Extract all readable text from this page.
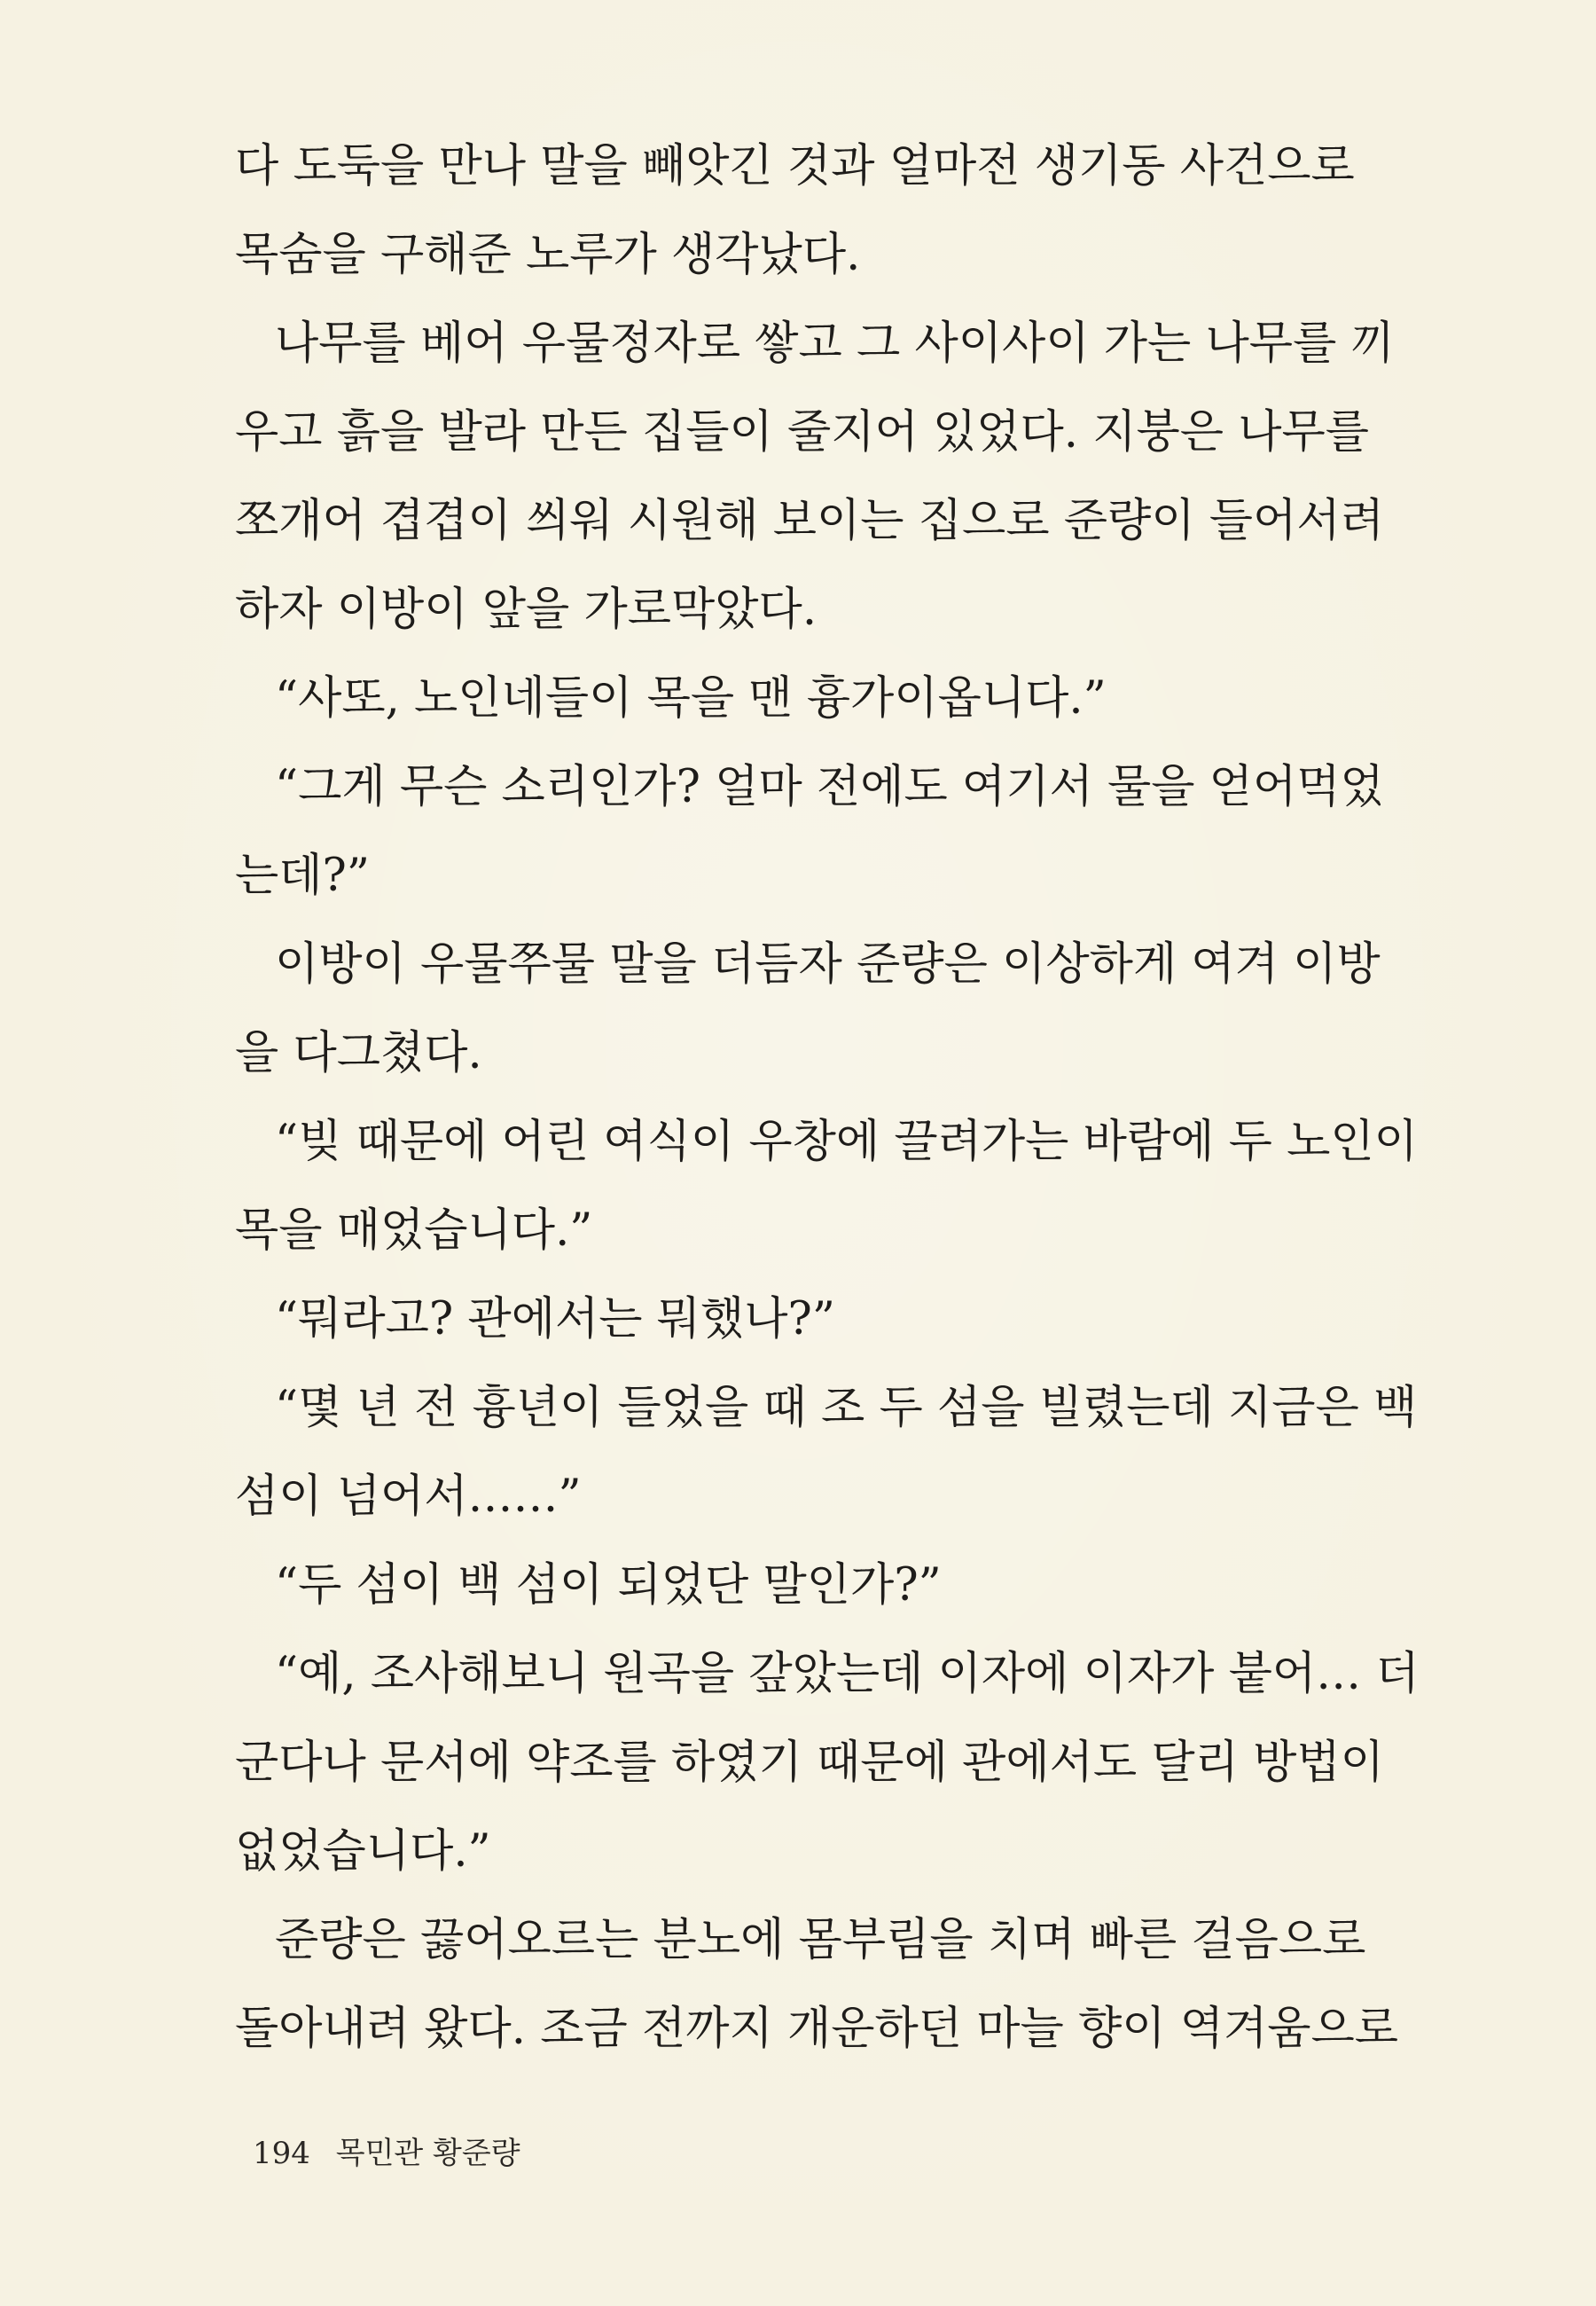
다 도둑을 만나 말을 빼앗긴 것과 얼마전 생기동 사건으로
목숨을 구해준 노루가 생각났다.
나무를 베어 우물정자로 쌓고 그 사이사이 가는 나무를 끼
우고 흙을 발라 만든 집들이 줄지어 있었다. 지붕은 나무를
쪼개어 겹겹이 씌워 시원해 보이는 집으로 준량이 들어서려
하자 이방이 앞을 가로막았다.
“사또, 노인네들이 목을 맨 흉가이옵니다.”
“그게 무슨 소리인가? 얼마 전에도 여기서 물을 얻어먹었
는데?”
이방이 우물쭈물 말을 더듬자 준량은 이상하게 여겨 이방
을 다그쳤다.
“빚 때문에 어린 여식이 우창에 끌려가는 바람에 두 노인이
목을 매었습니다.”
“뭐라고? 관에서는 뭐했나?”
“몇 년 전 흉년이 들었을 때 조 두 섬을 빌렸는데 지금은 백
섬이 넘어서……”
“두 섬이 백 섬이 되었단 말인가?”
“예, 조사해보니 원곡을 갚았는데 이자에 이자가 붙어… 더
군다나 문서에 약조를 하였기 때문에 관에서도 달리 방법이
없었습니다.”
준량은 끓어오르는 분노에 몸부림을 치며 빠른 걸음으로
돌아내려 왔다. 조금 전까지 개운하던 마늘 향이 역겨움으로
194 목민관 황준량
